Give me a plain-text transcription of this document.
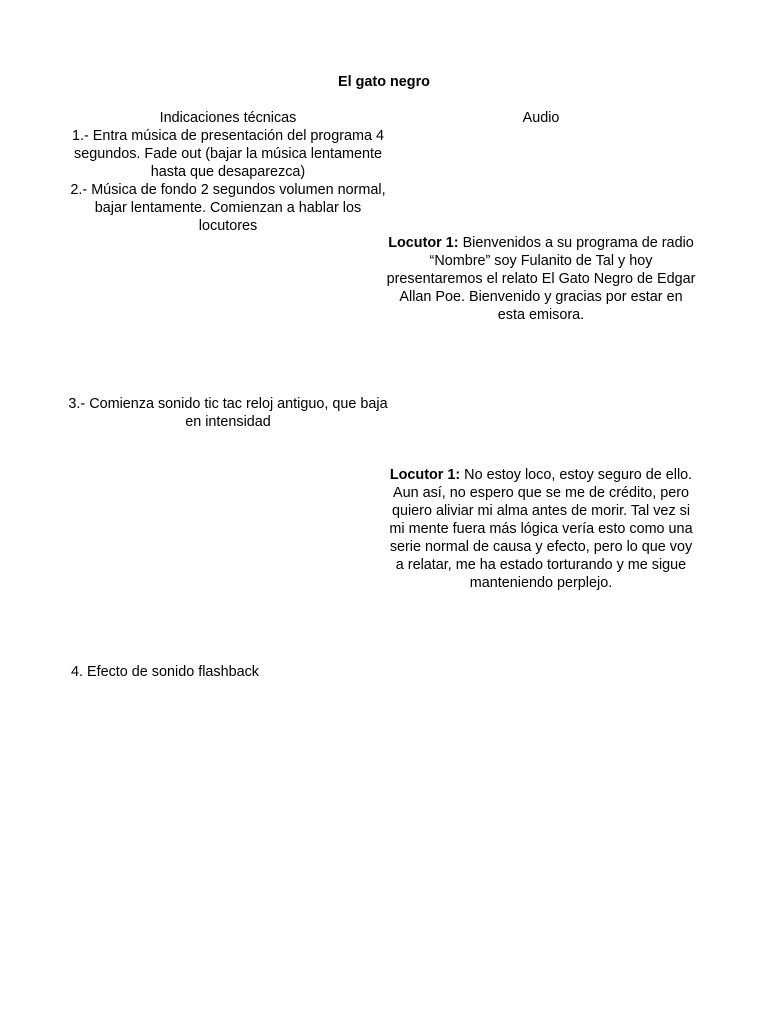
El gato negro
Indicaciones técnicas
1.- Entra música de presentación del programa 4 segundos. Fade out (bajar la música lentamente hasta que desaparezca)
2.- Música de fondo 2 segundos volumen normal, bajar lentamente. Comienzan a hablar los locutores
Audio
Locutor 1: Bienvenidos a su programa de radio “Nombre” soy Fulanito de Tal y hoy presentaremos el relato El Gato Negro de Edgar Allan Poe. Bienvenido y gracias por estar en esta emisora.
3.- Comienza sonido tic tac reloj antiguo, que baja en intensidad
Locutor 1: No estoy loco, estoy seguro de ello.
Aun así, no espero que se me de crédito, pero quiero aliviar mi alma antes de morir. Tal vez si mi mente fuera más lógica vería esto como una serie normal de causa y efecto, pero lo que voy a relatar, me ha estado torturando y me sigue manteniendo perplejo.
4. Efecto de sonido flashback
